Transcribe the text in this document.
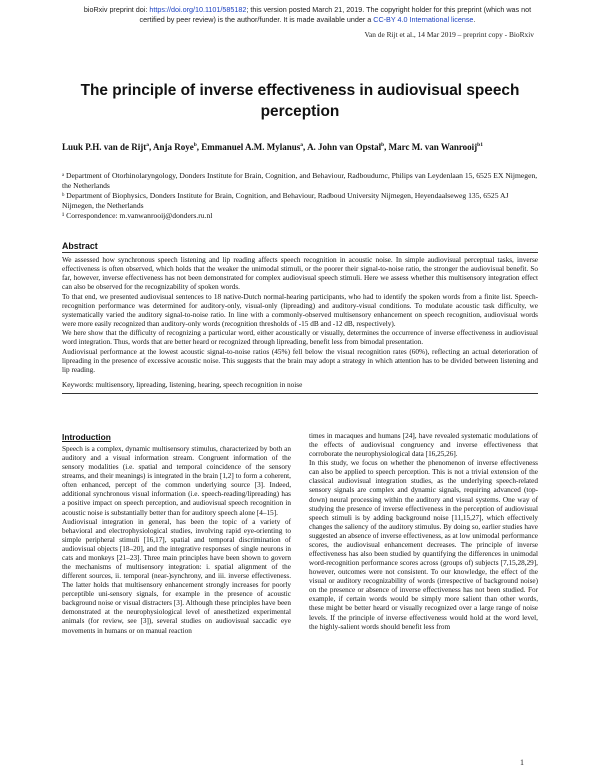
bioRxiv preprint doi: https://doi.org/10.1101/585182; this version posted March 21, 2019. The copyright holder for this preprint (which was not
certified by peer review) is the author/funder. It is made available under a CC-BY 4.0 International license.
Van de Rijt et al., 14 Mar 2019 – preprint copy - BioRxiv
The principle of inverse effectiveness in audiovisual speech perception
Luuk P.H. van de Rijt$^a$, Anja Roye$^b$, Emmanuel A.M. Mylanus$^a$, A. John van Opstal$^b$, Marc M. van Wanrooij$^{b1}$

ᵃ Department of Otorhinolaryngology, Donders Institute for Brain, Cognition, and Behaviour, Radboudumc, Philips van Leydenlaan 15, 6525 EX Nijmegen, the Netherlands

ᵇ Department of Biophysics, Donders Institute for Brain, Cognition, and Behaviour, Radboud University Nijmegen, Heyendaalseweg 135, 6525 AJ Nijmegen, the Netherlands

¹ Correspondence: m.vanwanrooij@donders.ru.nl

Abstract

We assessed how synchronous speech listening and lip reading affects speech recognition in acoustic noise. In simple audiovisual perceptual tasks, inverse effectiveness is often observed, which holds that the weaker the unimodal stimuli, or the poorer their signal-to-noise ratio, the stronger the audiovisual benefit. So far, however, inverse effectiveness has not been demonstrated for complex audiovisual speech stimuli. Here we assess whether this multisensory integration effect can also be observed for the recognizability of spoken words.

To that end, we presented audiovisual sentences to 18 native-Dutch normal-hearing participants, who had to identify the spoken words from a finite list. Speech-recognition performance was determined for auditory-only, visual-only (lipreading) and auditory-visual conditions. To modulate acoustic task difficulty, we systematically varied the auditory signal-to-noise ratio. In line with a commonly-observed multisensory enhancement on speech recognition, audiovisual words were more easily recognized than auditory-only words (recognition thresholds of -15 dB and -12 dB, respectively).

We here show that the difficulty of recognizing a particular word, either acoustically or visually, determines the occurrence of inverse effectiveness in audiovisual word integration. Thus, words that are better heard or recognized through lipreading, benefit less from bimodal presentation.

Audiovisual performance at the lowest acoustic signal-to-noise ratios (45%) fell below the visual recognition rates (60%), reflecting an actual deterioration of lipreading in the presence of excessive acoustic noise. This suggests that the brain may adopt a strategy in which attention has to be divided between listening and lip reading.

Keywords: multisensory, lipreading, listening, hearing, speech recognition in noise
Introduction

Speech is a complex, dynamic multisensory stimulus, characterized by both an auditory and a visual information stream. Congruent information of the sensory modalities (i.e. spatial and temporal coincidence of the sensory streams, and their meanings) is integrated in the brain [1,2] to form a coherent, often enhanced, percept of the common underlying source [3]. Indeed, additional synchronous visual information (i.e. speech-reading/lipreading) has a positive impact on speech perception, and audiovisual speech recognition in acoustic noise is substantially better than for auditory speech alone [4–15].

Audiovisual integration in general, has been the topic of a variety of behavioral and electrophysiological studies, involving rapid eye-orienting to simple peripheral stimuli [16,17], spatial and temporal discrimination of audiovisual objects [18–20], and the integrative responses of single neurons in cats and monkeys [21–23]. Three main principles have been shown to govern the mechanisms of multisensory integration: i. spatial alignment of the different sources, ii. temporal (near-)synchrony, and iii. inverse effectiveness. The latter holds that multisensory enhancement strongly increases for poorly perceptible uni-sensory signals, for example in the presence of acoustic background noise or visual distracters [3]. Although these principles have been demonstrated at the neurophysiological level of anesthetized experimental animals (for review, see [3]), several studies on audiovisual saccadic eye movements in humans or on manual reaction

times in macaques and humans [24], have revealed systematic modulations of the effects of audiovisual congruency and inverse effectiveness that corroborate the neurophysiological data [16,25,26].

In this study, we focus on whether the phenomenon of inverse effectiveness can also be applied to speech perception. This is not a trivial extension of the classical audiovisual integration studies, as the underlying speech-related sensory signals are complex and dynamic signals, requiring advanced (top-down) neural processing within the auditory and visual systems. One way of studying the presence of inverse effectiveness in the perception of audiovisual speech stimuli is by adding background noise [11,15,27], which effectively changes the saliency of the auditory stimulus. By doing so, earlier studies have suggested an absence of inverse effectiveness, as at low unimodal performance scores, the audiovisual enhancement decreases. The principle of inverse effectiveness has also been studied by quantifying the differences in unimodal word-recognition performance scores across (groups of) subjects [7,15,28,29], however, outcomes were not consistent. To our knowledge, the effect of the visual or auditory recognizability of words (irrespective of background noise) on the presence or absence of inverse effectiveness has not been studied. For example, if certain words would be simply more salient than other words, these might be better heard or visually recognized over a large range of noise levels. If the principle of inverse effectiveness would hold at the word level, the highly-salient words should benefit less from

1
